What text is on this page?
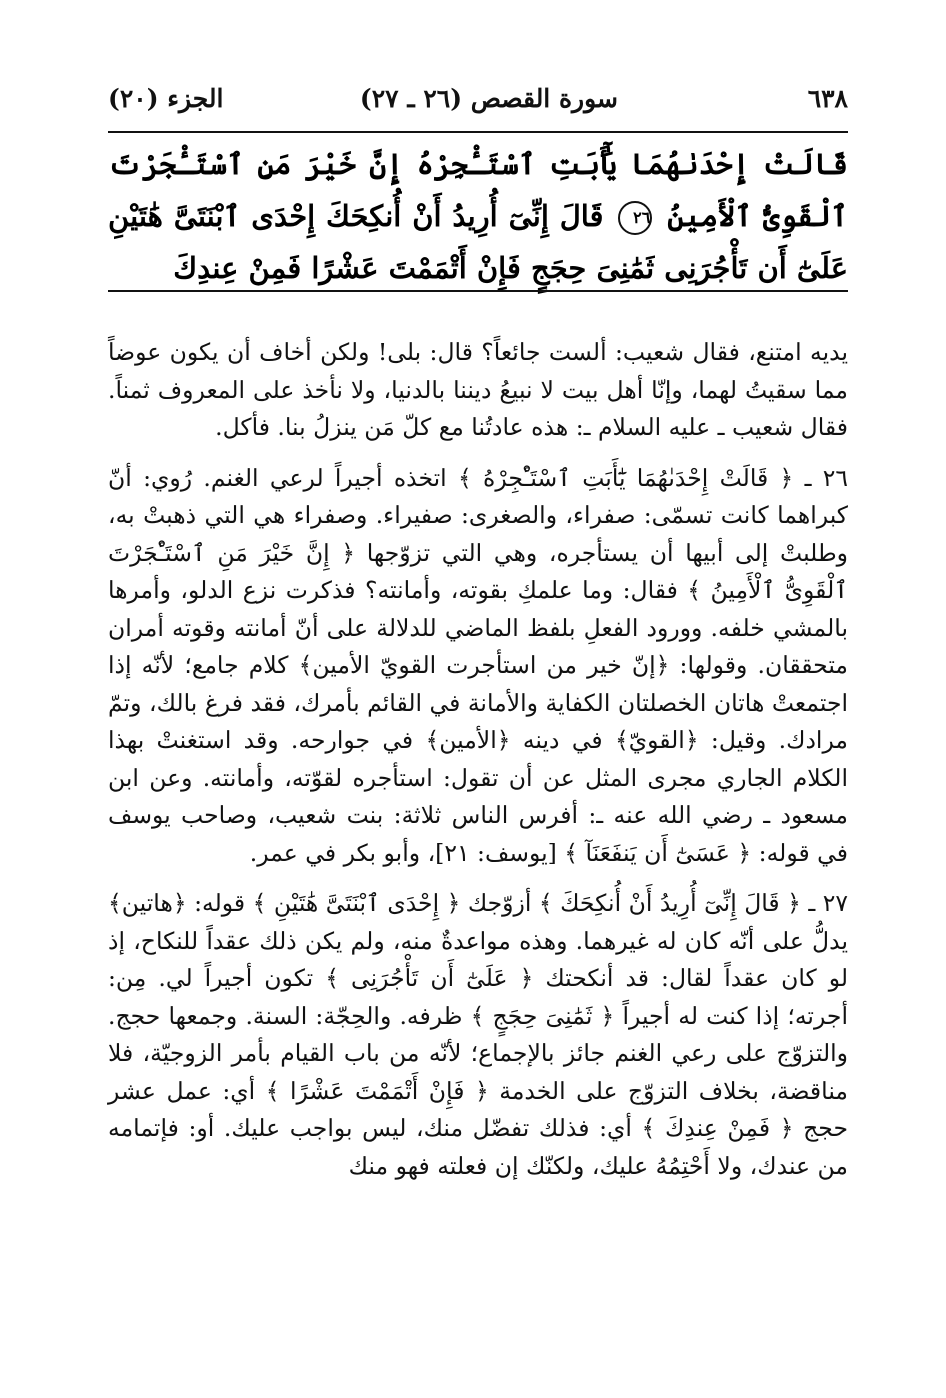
٦٣٨
سورة القصص (٢٦ ـ ٢٧)
الجزء (٢٠)
قَالَتْ إِحْدَىٰهُمَا يَٰٓأَبَتِ ٱسْتَـْٔجِرْهُ إِنَّ خَيْرَ مَنِ ٱسْتَـْٔجَرْتَ ٱلْقَوِىُّ ٱلْأَمِينُ ٢٦ قَالَ إِنِّىٓ أُرِيدُ أَنْ أُنكِحَكَ إِحْدَى ٱبْنَتَىَّ هَٰتَيْنِ عَلَىٰٓ أَن تَأْجُرَنِى ثَمَٰنِىَ حِجَجٍ فَإِنْ أَتْمَمْتَ عَشْرًا فَمِنْ عِندِكَ

يديه امتنع، فقال شعيب: ألست جائعاً؟ قال: بلى! ولكن أخاف أن يكون عوضاً مما سقيتُ لهما، وإنّا أهل بيت لا نبيعُ ديننا بالدنيا، ولا نأخذ على المعروف ثمناً. فقال شعيب ـ عليه السلام ـ: هذه عادتُنا مع كلّ مَن ينزلُ بنا. فأكل.

٢٦ ـ ﴿ قَالَتْ إِحْدَىٰهُمَا يَٰٓأَبَتِ ٱسْتَـْٔجِرْهُ ﴾ اتخذه أجيراً لرعي الغنم. رُوي: أنّ كبراهما كانت تسمّى: صفراء، والصغرى: صفيراء. وصفراء هي التي ذهبتْ به، وطلبتْ إلى أبيها أن يستأجره، وهي التي تزوّجها ﴿ إِنَّ خَيْرَ مَنِ ٱسْتَـْٔجَرْتَ ٱلْقَوِىُّ ٱلْأَمِينُ ﴾ فقال: وما علمكِ بقوته، وأمانته؟ فذكرت نزع الدلو، وأمرها بالمشي خلفه. وورود الفعلِ بلفظ الماضي للدلالة على أنّ أمانته وقوته أمران متحققان. وقولها: ﴿إنّ خير من استأجرت القويّ الأمين﴾ كلام جامع؛ لأنّه إذا اجتمعتْ هاتان الخصلتان الكفاية والأمانة في القائم بأمرك، فقد فرغ بالك، وتمّ مرادك. وقيل: ﴿القويّ﴾ في دينه ﴿الأمين﴾ في جوارحه. وقد استغنتْ بهذا الكلام الجاري مجرى المثل عن أن تقول: استأجره لقوّته، وأمانته. وعن ابن مسعود ـ رضي الله عنه ـ: أفرس الناس ثلاثة: بنت شعيب، وصاحب يوسف في قوله: ﴿ عَسَىٰٓ أَن يَنفَعَنَآ ﴾ [يوسف: ٢١]، وأبو بكر في عمر.

٢٧ ـ ﴿ قَالَ إِنِّىٓ أُرِيدُ أَنْ أُنكِحَكَ ﴾ أزوّجك ﴿ إِحْدَى ٱبْنَتَىَّ هَٰتَيْنِ ﴾ قوله: ﴿هاتين﴾ يدلُّ على أنّه كان له غيرهما. وهذه مواعدةٌ منه، ولم يكن ذلك عقداً للنكاح، إذ لو كان عقداً لقال: قد أنكحتك ﴿ عَلَىٰٓ أَن تَأْجُرَنِى ﴾ تكون أجيراً لي. مِن: أجرته؛ إذا كنت له أجيراً ﴿ ثَمَٰنِىَ حِجَجٍ ﴾ ظرفه. والحِجّة: السنة. وجمعها حجج. والتزوّج على رعي الغنم جائز بالإجماع؛ لأنّه من باب القيام بأمر الزوجيّة، فلا مناقضة، بخلاف التزوّج على الخدمة ﴿ فَإِنْ أَتْمَمْتَ عَشْرًا ﴾ أي: عمل عشر حجج ﴿ فَمِنْ عِندِكَ ﴾ أي: فذلك تفضّل منك، ليس بواجب عليك. أو: فإتمامه من عندك، ولا أَحْتِمُهُ عليك، ولكنّك إن فعلته فهو منك
